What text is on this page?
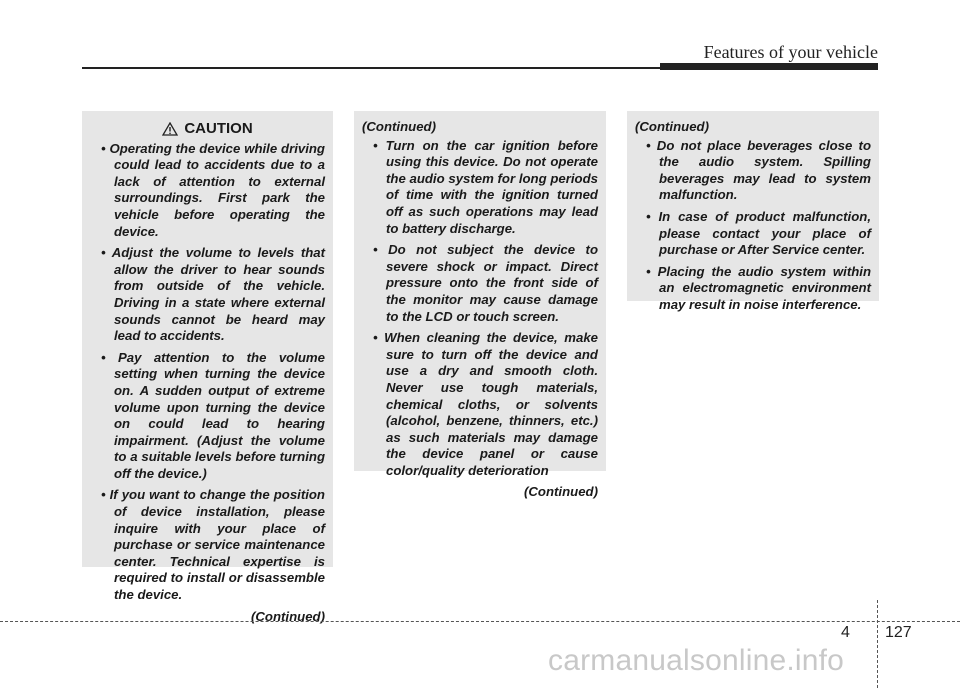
Features of your vehicle
CAUTION
• Operating the device while driving could lead to accidents due to a lack of attention to external surroundings. First park the vehicle before operating the device.
• Adjust the volume to levels that allow the driver to hear sounds from outside of the vehicle. Driving in a state where external sounds cannot be heard may lead to accidents.
• Pay attention to the volume setting when turning the device on. A sudden output of extreme volume upon turning the device on could lead to hearing impairment. (Adjust the volume to a suitable levels before turning off the device.)
• If you want to change the position of device installation, please inquire with your place of purchase or service maintenance center. Technical expertise is required to install or disassemble the device.
(Continued)
(Continued)
• Turn on the car ignition before using this device. Do not operate the audio system for long periods of time with the ignition turned off as such operations may lead to battery discharge.
• Do not subject the device to severe shock or impact. Direct pressure onto the front side of the monitor may cause damage to the LCD or touch screen.
• When cleaning the device, make sure to turn off the device and use a dry and smooth cloth. Never use tough materials, chemical cloths, or solvents (alcohol, benzene, thinners, etc.) as such materials may damage the device panel or cause color/quality deterioration
(Continued)
(Continued)
• Do not place beverages close to the audio system. Spilling beverages may lead to system malfunction.
• In case of product malfunction, please contact your place of purchase or After Service center.
• Placing the audio system within an electromagnetic environment may result in noise interference.
4 127
carmanualsonline.info
